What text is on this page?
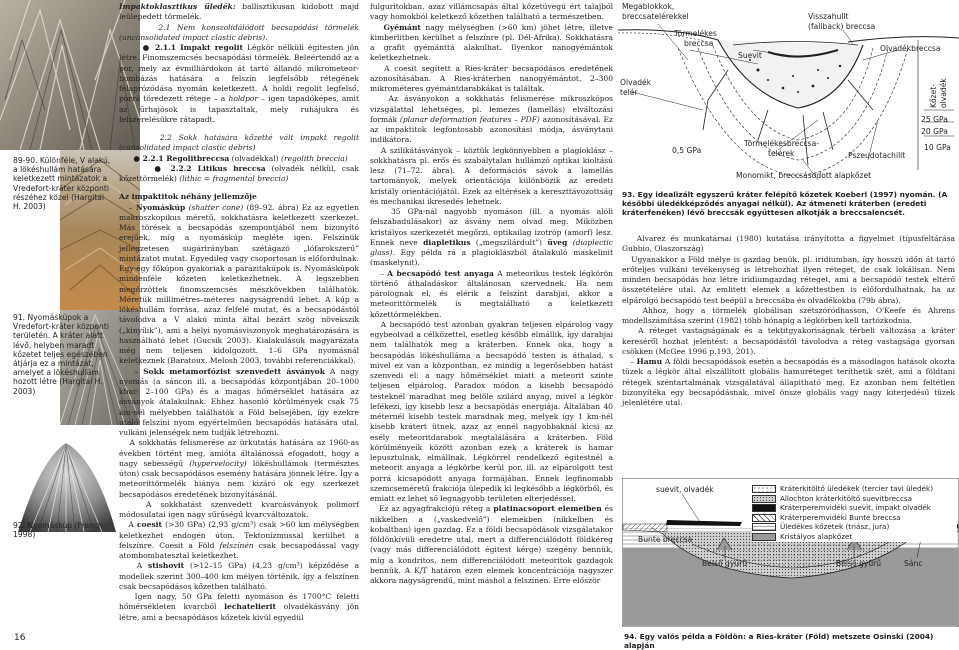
89-90. Különféle, V alakú, a lökéshullám hatására keletkezett mintázatok a Vredefort-kráter központi részéhez közel (Hargitai H. 2003)
91. Nyomáskúpok a Vredefort-kráter központi területén. A kráter alatt lévő, helyben maradt kőzetet teljes egészében átjárja ez a mintázat, amelyet a lökéshullám hozott létre (Hargitai H. 2003)
92. Nyomáskúp (French 1998)
16

Impaktoklasztikus üledék: ballisztikusan kidobott majd leülepedett törmelék.

2.1 Nem konszolidálódott becsapódási törmelék (unconsolidated impact clastic debris).

● 2.1.1 Impakt regolit Légkör nélküli égitesten jön létre. Finomszemcsés becsapódási törmelék. Beleértendő az a por, mely az évmilliárdokon át tartó állandó mikrometeor-bombázás hatására a felszín legfelsőbb rétegének felaprózódása nyomán keletkezett. A holdi regolit legfelső, porrá töredezett rétege – a holdpor – igen tapadóképes, amit az űrhajósok is tapasztaltak, mely ruhájukra és felszerelésükre rátapadt.

2.2 Sokk hatására kőzetté vált impakt regolit (consolidated impact clastic debris)

● 2.2.1 Regolitbreccsa (olvadékkal) (regolith breccia)

● 2.2.2 Litikus breccsa (olvadék nélkül, csak kőzettörmelék) (lithic = fragmental breccia)

Az impaktitok néhány jellemzője

– Nyomáskúp (shatter cone) (89–92. ábra) Ez az egyetlen makroszkopikus méretű, sokkhatásra keletkezett szerkezet. Más törések a becsapódás szempontjából nem bizonyító erejűek, míg a nyomáskúp megléte igen. Felszínük jellegzetesen sugárirányban szétágazó „lófarokszerű” mintázatot mutat. Egyedileg vagy csoportosan is előfordulnak. Egy-egy főkúpon gyakoriak a parazitakúpok is. Nyomáskúpok mindenféle kőzeten keletkezhetnek. A legszebben megőrzöttek finomszemcsés mészkövekben találhatók. Méretük millimétres–méteres nagyságrendű lehet. A kúp a lökéshullám forrása, azaz felfelé mutat, és a becsapódástól távolodva a V alakú minta által bezárt szög növekszik („kinyílik”), ami a helyi nyomásviszonyok meghatározására is használható lehet (Gucsik 2003). Kialakulásuk magyarázata még nem teljesen kidolgozott. 1–6 GPa nyomásnál keletkeznek (Baratoux, Melosh 2003, további referenciákkal).

– Sokk metamorfózist szenvedett ásványok A nagy nyomás (a sáncon ill. a becsapódás központjában 20–1000 kbar: 2–100 GPa) és a magas hőmérséklet hatására az ásványok átalakulnak. Ehhez hasonló körülmények csak 75 km-nél mélyebben találhatók a Föld belsejében, így ezekre utaló felszíni nyom egyértelműen becsapódás hatására utal, vulkáni jelenségek nem tudják létrehozni.

A sokkhatás felismerése az ürkutatás hatására az 1960-as években történt meg, amióta általánossá efogadott, hogy a nagy sebességű (hypervelocity) lökéshullámok (természtes úton) csak becsapódásos esemény hatására jönnek létre. Így a meteorittörmelék hiánya nem kizáró ok egy szerkezet becsapódásos eredetének bizonyításánál.

A sokkhatást szenvedett kvarcásványok polimorf módosulatai igen nagy sűrűségű kvarcváltozatok.

A coesit (>30 GPa) (2,93 g/cm³) csak >60 km mélységben keletkezhet endogén úton. Tektonizmussal kerülhet a felszínre. Coesit a Föld felszínén csak becsapódással vagy atombombatesztal keletkezhet.

A stishovit (>12–15 GPa) (4,23 g/cm³) képződése a modellek szerint 300–400 km mélyen történik, így a felszínen csak becsapódásos kőzetben található.

Igen nagy, 50 GPa feletti nyomáson és 1700°C feletti hőmérsékleten kvarcból lechatelierit olvadékásvány jön létre, ami a becsapódásos kőzetek kivül egyedül

fulguritokban, azaz villámcsapás által kőzetüvegü ért talajból vagy homokból keletkező kőzetben található a természetben.

Gyémánt nagy mélységben (>60 km) jöhet létre, illetve kimberlitben kerülhet a felszínre (pl. Dél-Afrika). Sokkhatásra a grafit gyémánttá alakulhat. Ilyenkor nanogyémántok keletkezhetnek.

A coesit segített a Ries-kráter becsapódásos eredetének azonosításában. A Ries-kráterben nanogyémántot, 2–300 mikrométeres gyémántdarabkákat is találtak.

Az ásványokon a sokkhatás felismerése mikroszkópos vizsgálattal lehetséges, pl. lemezes (lamellás) elváltozási formák (planar deformation features – PDF) azonosításával. Ez az impaktitok legfontosabb azonosítási módja, ásványtani indikátora.

A szilikátásványok – köztük legkönnyebben a plagioklász – sokkhatásra pl. erős és szabálytalan hullámzó optikai kioltású lesz (71–72. ábra). A deformációs sávok a lamellás tartományok, melyek orientációja különbözik az eredeti kristály orientációjától. Ezek az eltérések a kereszttávozottság és mechanikai ikresedés lehetnek.

35 GPa-nál nagyobb nyomáson (ill. a nyomás alóli felszabadulásakor) az ásvány nem olvad meg. Miközben kristályos szerkezetét megőrzi, optikailag izotróp (amorf) lesz. Ennek neve diapletikus („megszilárdult”) üveg (diaplectic glass). Egy példa rá a plagioklászból átalakuló maskelinit (maskelynit).

– A becsapódó test anyaga A meteorikus testek légkörön történő áthaladáskor általánosan szervednek. Ha nem párolognak el, és elérik a felszínt darabjai, akkor a meteorittörmelék is megtalálható a keletkezett kőzettörmelékben.

A becsapódó test azonban gyakran teljesen elpárolog vagy egybeolvad a célkőzettel, esetleg később elmállik, így darabjai nem találhatók meg a kráterben. Ennek oka, hogy a becsapódás lökéshulláma a becsapódó testen is áthalad, s mivel ez van a központban, ez mindig a legerősebben hatást szenvedi el: a nagy hőmérséklet miatt a meteorit szinte teljesen elpárolog. Paradox módon a kisebb becsapódó testeknél maradhat meg belőle szilárd anyag, mivel a légkör lefékezi, így kisebb lesz a becsapódás energiája. Általában 40 méternél kisebb testek maradnak meg, melyek így 1 km-nél kisebb krátert ütnek, azaz az ennél nagyobbaknál kicsi az esély meteoritdarabok megtalálására a kráterben. Föld körülményeik között azonban ezek a kráterek is hamar lepusztulnak, elmállnak. Légkörrel rendelkező égitestnél a meteorit anyaga a légkörbe kerül por, ill. az elpárolgott test porrá kicsapódott anyaga formájában. Ennek legfinomabb szemcseméretű frakciója ülepedik ki legkésőbb a légkörből, és emiatt ez lehet ső legnagyobb területen elterjedéssel.

Ez az agyagfrakciójú réteg a platinacsoport elemeiben és nikkelben a („vaskedvelő”) elemekben (nikkelben és kobaltban) igen gazdag. Ez a földi becsapódások vizsgálatakor földönkívüli eredetre utal, mert a differenciálódott földkéreg (vagy más differenciálódott égitest kérge) szegény bennük, míg a kondritos, nem differenciálódott meteoritok gazdagok bennük. A K/T határon ezen elemek koncentrációja nagyszer akkora nagyságrendű, mint máshol a felszínen. Erre először

Alvarez és munkatársai (1980) kutatása irányította a figyelmet (típusfeltárása Gubbio, Olaszország)

Ugyanakkor a Föld mélye is gazdag benük, pl. iridiumban, így hosszú időn át tartó erőteljes vulkáni tevékenység is létrehozhat ilyen réteget, de csak lokálisan. Nem minden becsapódás hoz létre iridiumgazdag réteget, ami a becsapódó testek eltérő összetételére utal. Az emlitett elemek a kőzettestben is előfordulhatnak, ha az elpárolgó becsapódó test beépül a breccsába és olvadékokba (79b ábra).

Ahhoz, hogy a törmelék globálisan szétszóródhasson, O'Keefe és Ahrens modellszámítása szerint (1982) több hónapig a légkörben kell tartózkodnia.

A réteget vastagságának és a tektitgyakoriságnak térbeli változása a kráter kereséről hozhat jelentést: a becsapódástól távolodva a réteg vastagsága gyorsan csökken (McGee 1996 p.193, 201).

– Hamu A földi becsapódások esetén a becsapódás és a másodlagos hatások okozta tüzek a légkör által elszállított globális hamuréteget teríthetik szét, ami a földtani rétegek széntartalmának vizsgálatával állapitható meg. Ez azonban nem feltétlen bizonyítéka egy becsapódásnak, mivel önsze globális vagy nagy kiterjedésű tüzek jelenlétére utal.

Megablokkok,
breccsatelérekkel
Törmelékes
breccsa
Suevit
Visszahullt
(fallback) breccsa
Olvadékbreccsa
Olvadék
telér	Kőzet- olvadék
25 GPa
20 GPa
10 GPa
0,5 GPa
Törmelékesbreccsa-
telérek	Pszeudotachilit
Monomikt, breccsásodott alapkőzet
93. Egy idealizált egyszerű kráter felépítő kőzetek Koeberl (1997) nyomán. (A későbbi üledékképződés anyagai nélkül). Az átmeneti kráterben (eredeti kráterfenéken) lévő breccsák egyűttesen alkotják a breccsalencsét.
suevit, olvadék
Bunte breccsa
Belső gyűrű	Belső gyűrű	Sánc
Kráterkitöltő üledékek (tercier tavi üledék)
Allochton kráterkitöltő suevitbreccsa
Kráterperemvidéki suevit, impakt olvadék
Kráterperemvidéki Bunte breccsa
Üledékes kőzetek (triász, jura)
Kristályos alapkőzet
94. Egy valós példa a Földön: a Ries-kráter (Föld) metszete Osinski (2004) alapján
